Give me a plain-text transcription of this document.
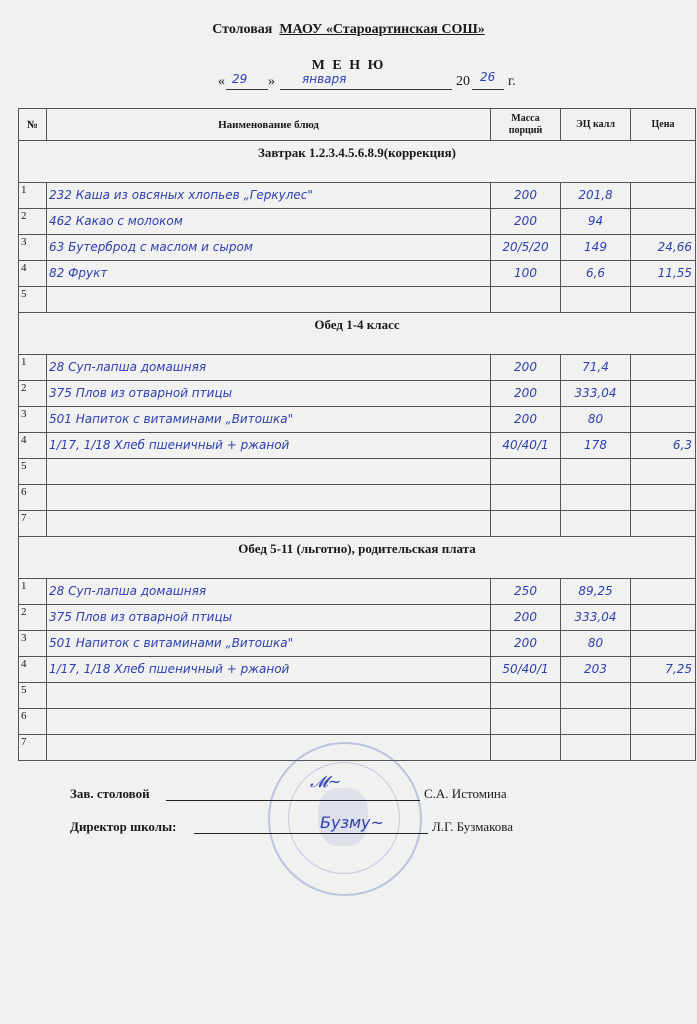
Столовая МАОУ «Староартинская СОШ»
М Е Н Ю
« 29 » января	20 26 г.
№	Наименование блюд	Масса порций	ЭЦ калл	Цена
Завтрак 1.2.3.4.5.6.8.9(коррекция)				
1	232 Каша из овсяных хлопьев „Геркулес"	200	201,8	
2	462 Какао с молоком	200	94	
3	63 Бутерброд с маслом и сыром	20/5/20	149	24,66
4	82 Фрукт	100	6,6	11,55
5				
Обед 1-4 класс				
1	28 Суп-лапша домашняя	200	71,4	
2	375 Плов из отварной птицы	200	333,04	
3	501 Напиток с витаминами „Витошка"	200	80	
4	1/17, 1/18 Хлеб пшеничный + ржаной	40/40/1	178	6,3
5				
6				
7				
Обед 5-11 (льготно), родительская плата				
1	28 Суп-лапша домашняя	250	89,25	
2	375 Плов из отварной птицы	200	333,04	
3	501 Напиток с витаминами „Витошка"	200	80	
4	1/17, 1/18 Хлеб пшеничный + ржаной	50/40/1	203	7,25
5				
6				
7				
Зав. столовой
𝓜~
С.А. Истомина
Директор школы:	Бузму~	Л.Г. Бузмакова
